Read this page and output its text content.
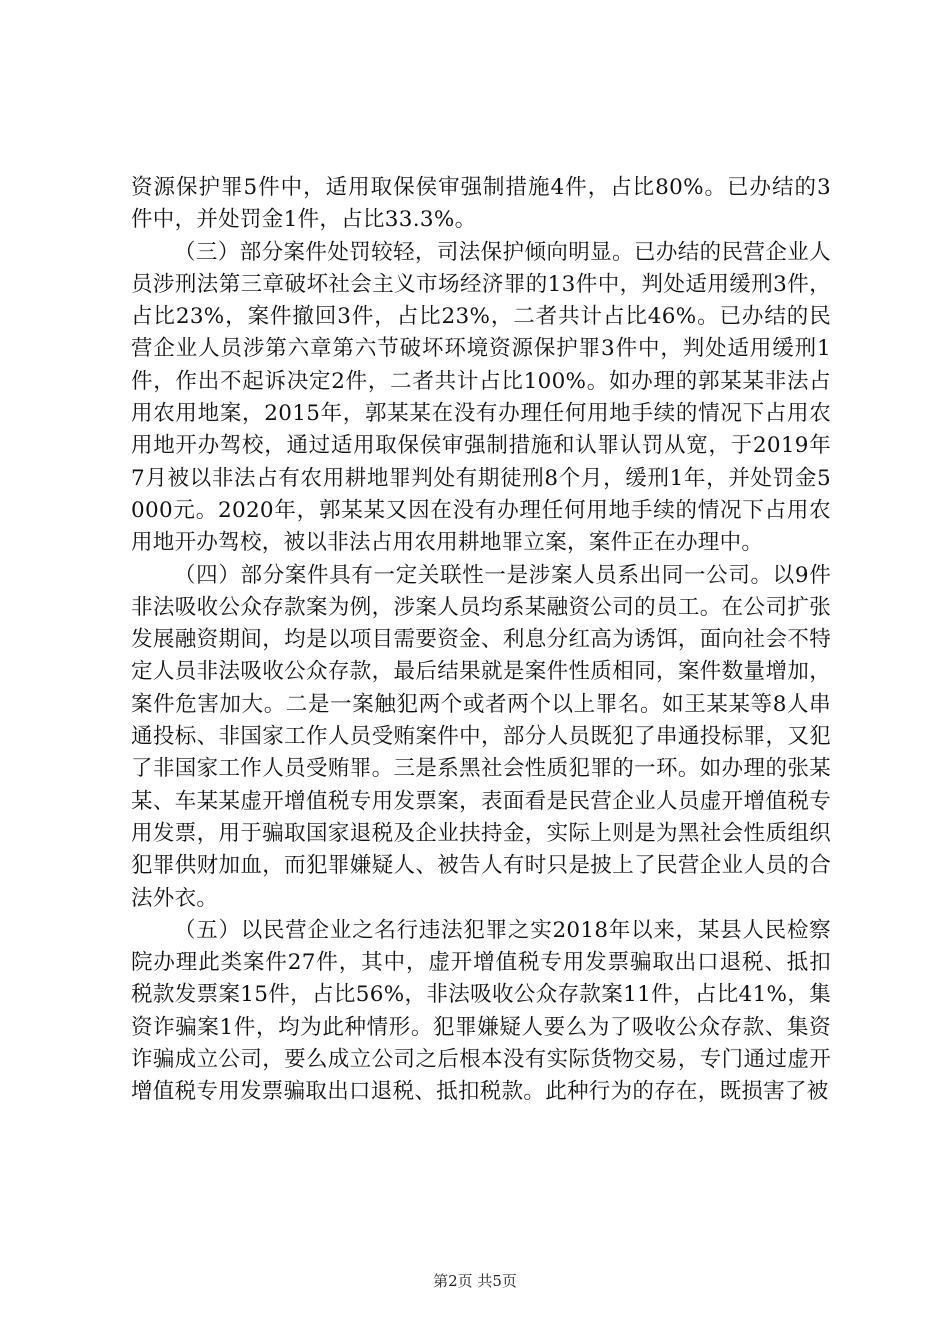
资源保护罪5件中，适用取保侯审强制措施4件，占比80%。已办结的3件中，并处罚金1件，占比33.3%。

（三）部分案件处罚较轻，司法保护倾向明显。已办结的民营企业人员涉刑法第三章破坏社会主义市场经济罪的13件中，判处适用缓刑3件，占比23%，案件撤回3件，占比23%，二者共计占比46%。已办结的民营企业人员涉第六章第六节破坏环境资源保护罪3件中，判处适用缓刑1件，作出不起诉决定2件，二者共计占比100%。如办理的郭某某非法占用农用地案，2015年，郭某某在没有办理任何用地手续的情况下占用农用地开办驾校，通过适用取保侯审强制措施和认罪认罚从宽，于2019年7月被以非法占有农用耕地罪判处有期徒刑8个月，缓刑1年，并处罚金5000元。2020年，郭某某又因在没有办理任何用地手续的情况下占用农用地开办驾校，被以非法占用农用耕地罪立案，案件正在办理中。

（四）部分案件具有一定关联性一是涉案人员系出同一公司。以9件非法吸收公众存款案为例，涉案人员均系某融资公司的员工。在公司扩张发展融资期间，均是以项目需要资金、利息分红高为诱饵，面向社会不特定人员非法吸收公众存款，最后结果就是案件性质相同，案件数量增加，案件危害加大。二是一案触犯两个或者两个以上罪名。如王某某等8人串通投标、非国家工作人员受贿案件中，部分人员既犯了串通投标罪，又犯了非国家工作人员受贿罪。三是系黑社会性质犯罪的一环。如办理的张某某、车某某虚开增值税专用发票案，表面看是民营企业人员虚开增值税专用发票，用于骗取国家退税及企业扶持金，实际上则是为黑社会性质组织犯罪供财加血，而犯罪嫌疑人、被告人有时只是披上了民营企业人员的合法外衣。

（五）以民营企业之名行违法犯罪之实2018年以来，某县人民检察院办理此类案件27件，其中，虚开增值税专用发票骗取出口退税、抵扣税款发票案15件，占比56%，非法吸收公众存款案11件，占比41%，集资诈骗案1件，均为此种情形。犯罪嫌疑人要么为了吸收公众存款、集资诈骗成立公司，要么成立公司之后根本没有实际货物交易，专门通过虚开增值税专用发票骗取出口退税、抵扣税款。此种行为的存在，既损害了被

第2页 共5页
